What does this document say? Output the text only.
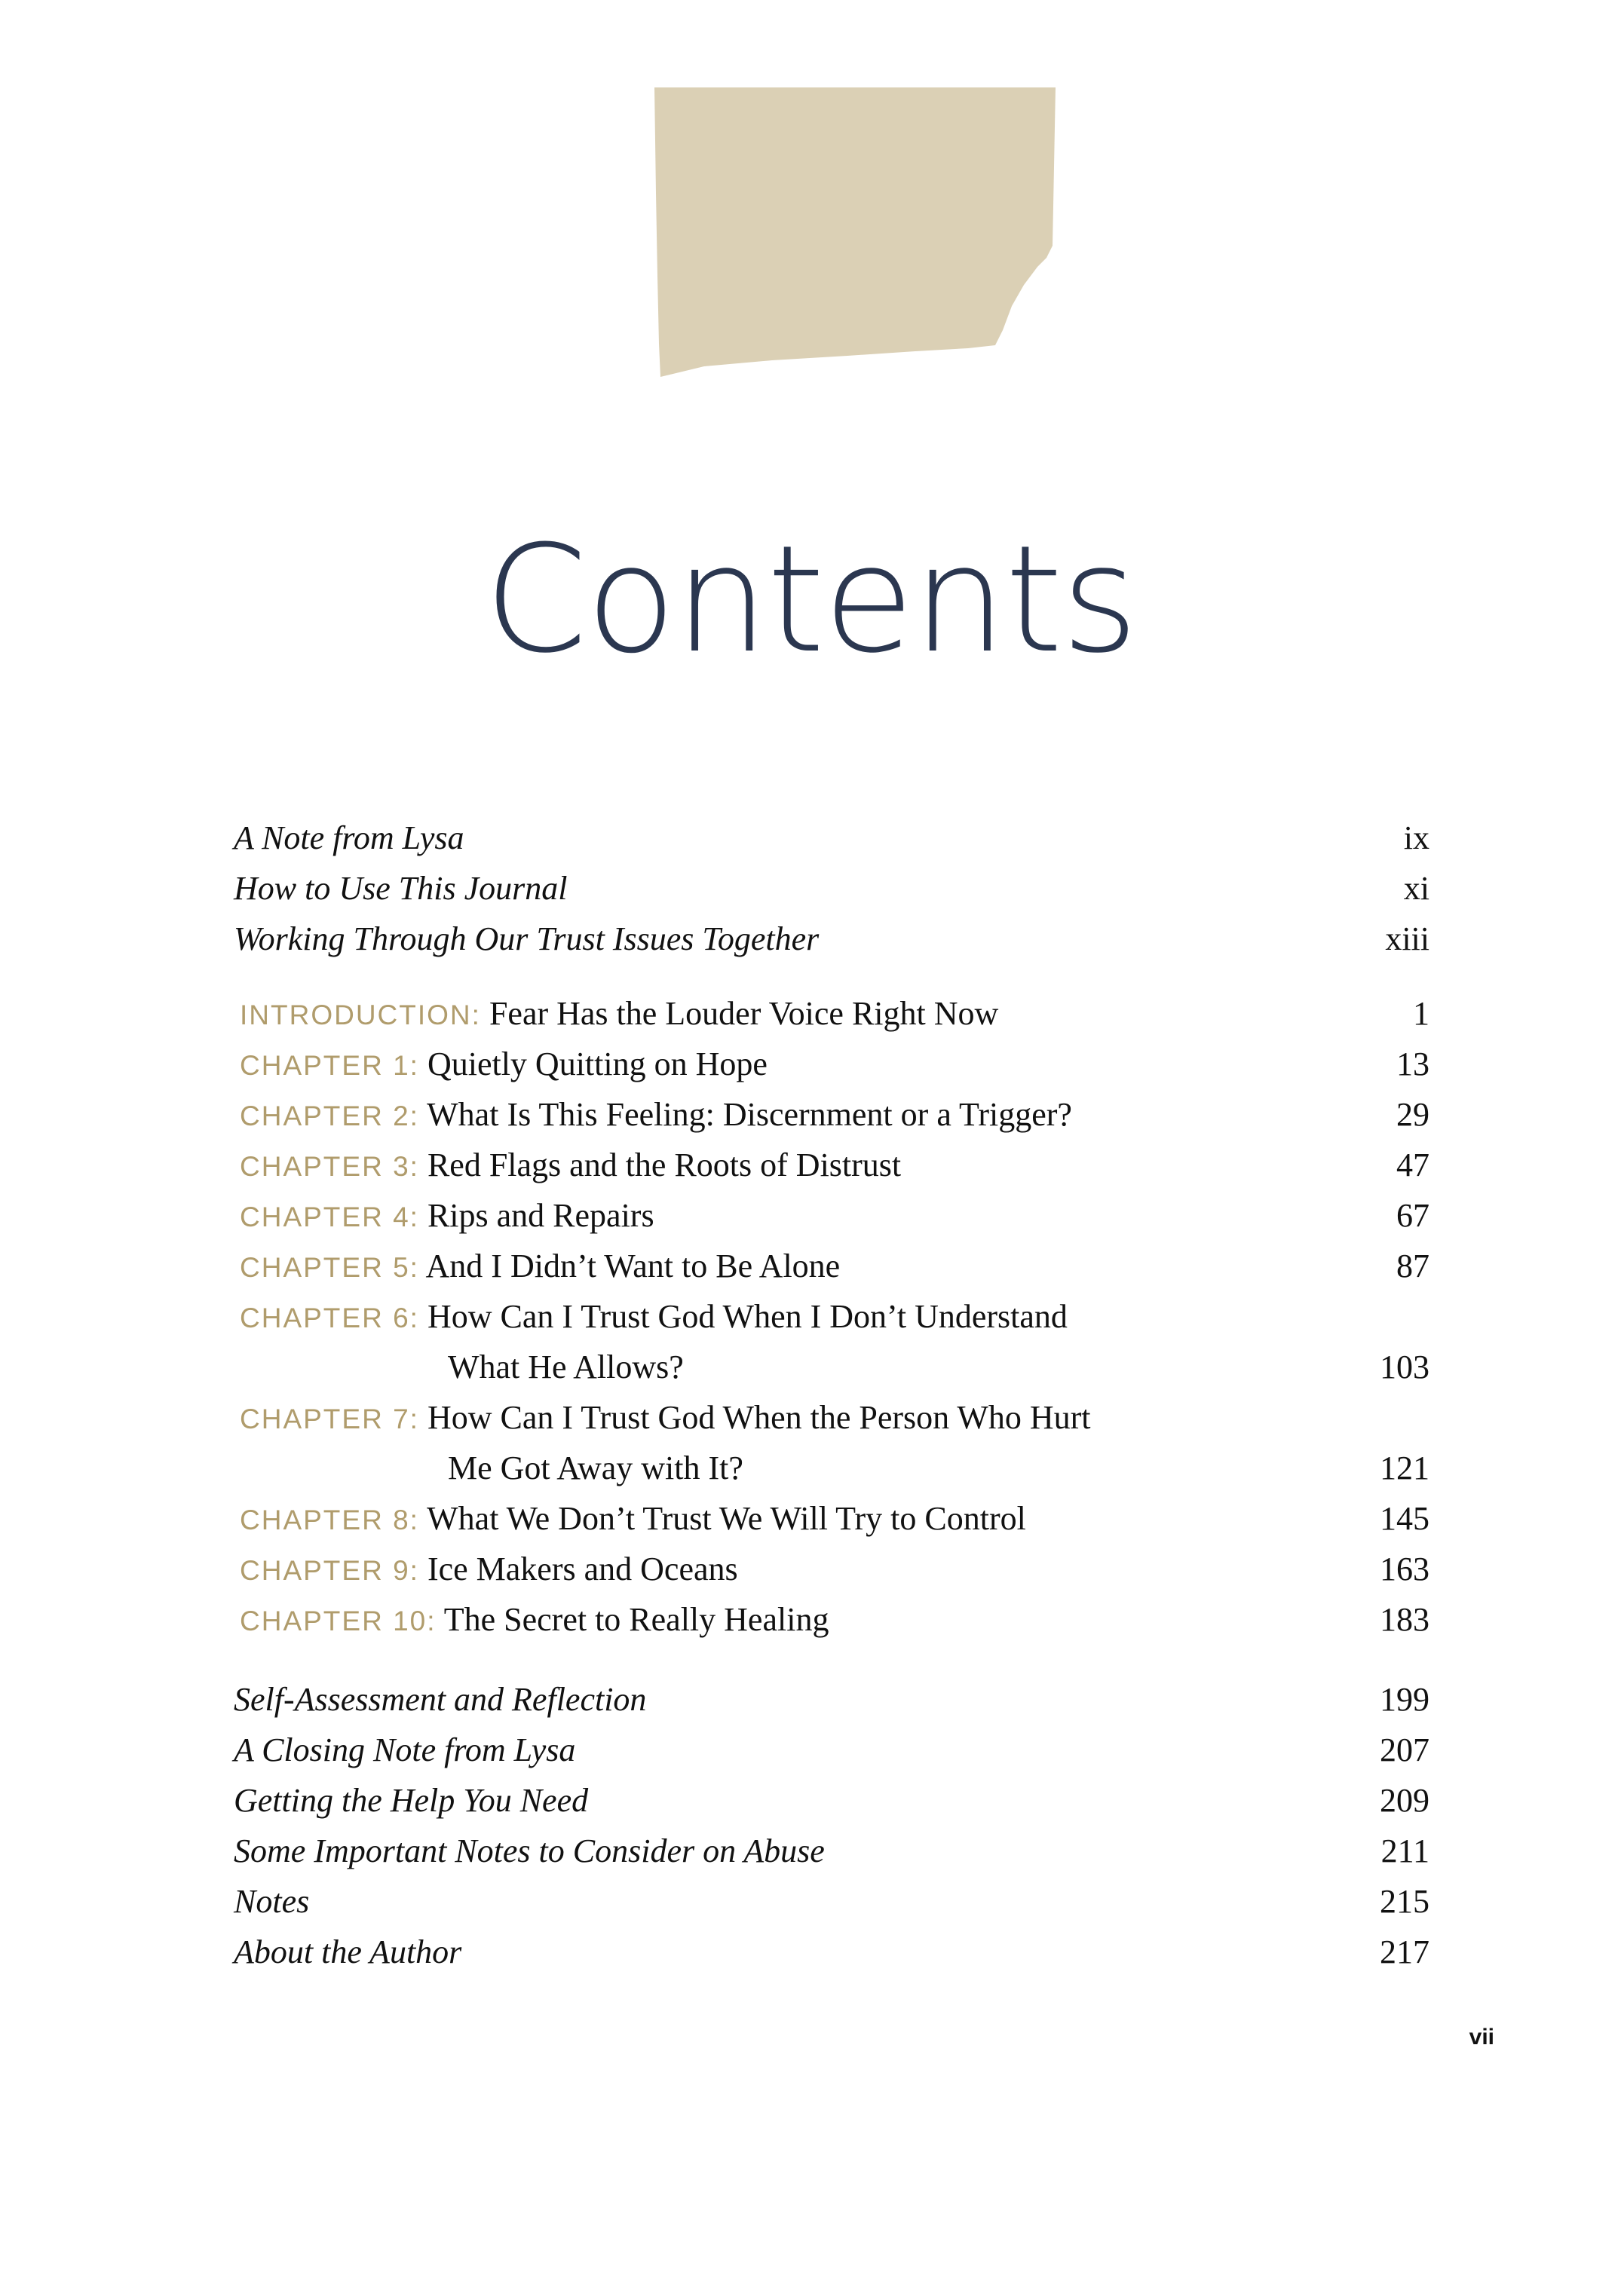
Contents
A Note from Lysa	ix
How to Use This Journal	xi
Working Through Our Trust Issues Together	xiii
INTRODUCTION: Fear Has the Louder Voice Right Now	1
CHAPTER 1: Quietly Quitting on Hope	13
CHAPTER 2: What Is This Feeling: Discernment or a Trigger?	29
CHAPTER 3: Red Flags and the Roots of Distrust	47
CHAPTER 4: Rips and Repairs	67
CHAPTER 5: And I Didn’t Want to Be Alone	87
CHAPTER 6: How Can I Trust God When I Don’t Understand
What He Allows?	103
CHAPTER 7: How Can I Trust God When the Person Who Hurt
Me Got Away with It?	121
CHAPTER 8: What We Don’t Trust We Will Try to Control	145
CHAPTER 9: Ice Makers and Oceans	163
CHAPTER 10: The Secret to Really Healing	183
Self-Assessment and Reflection	199
A Closing Note from Lysa	207
Getting the Help You Need	209
Some Important Notes to Consider on Abuse	211
Notes	215
About the Author	217
vii
